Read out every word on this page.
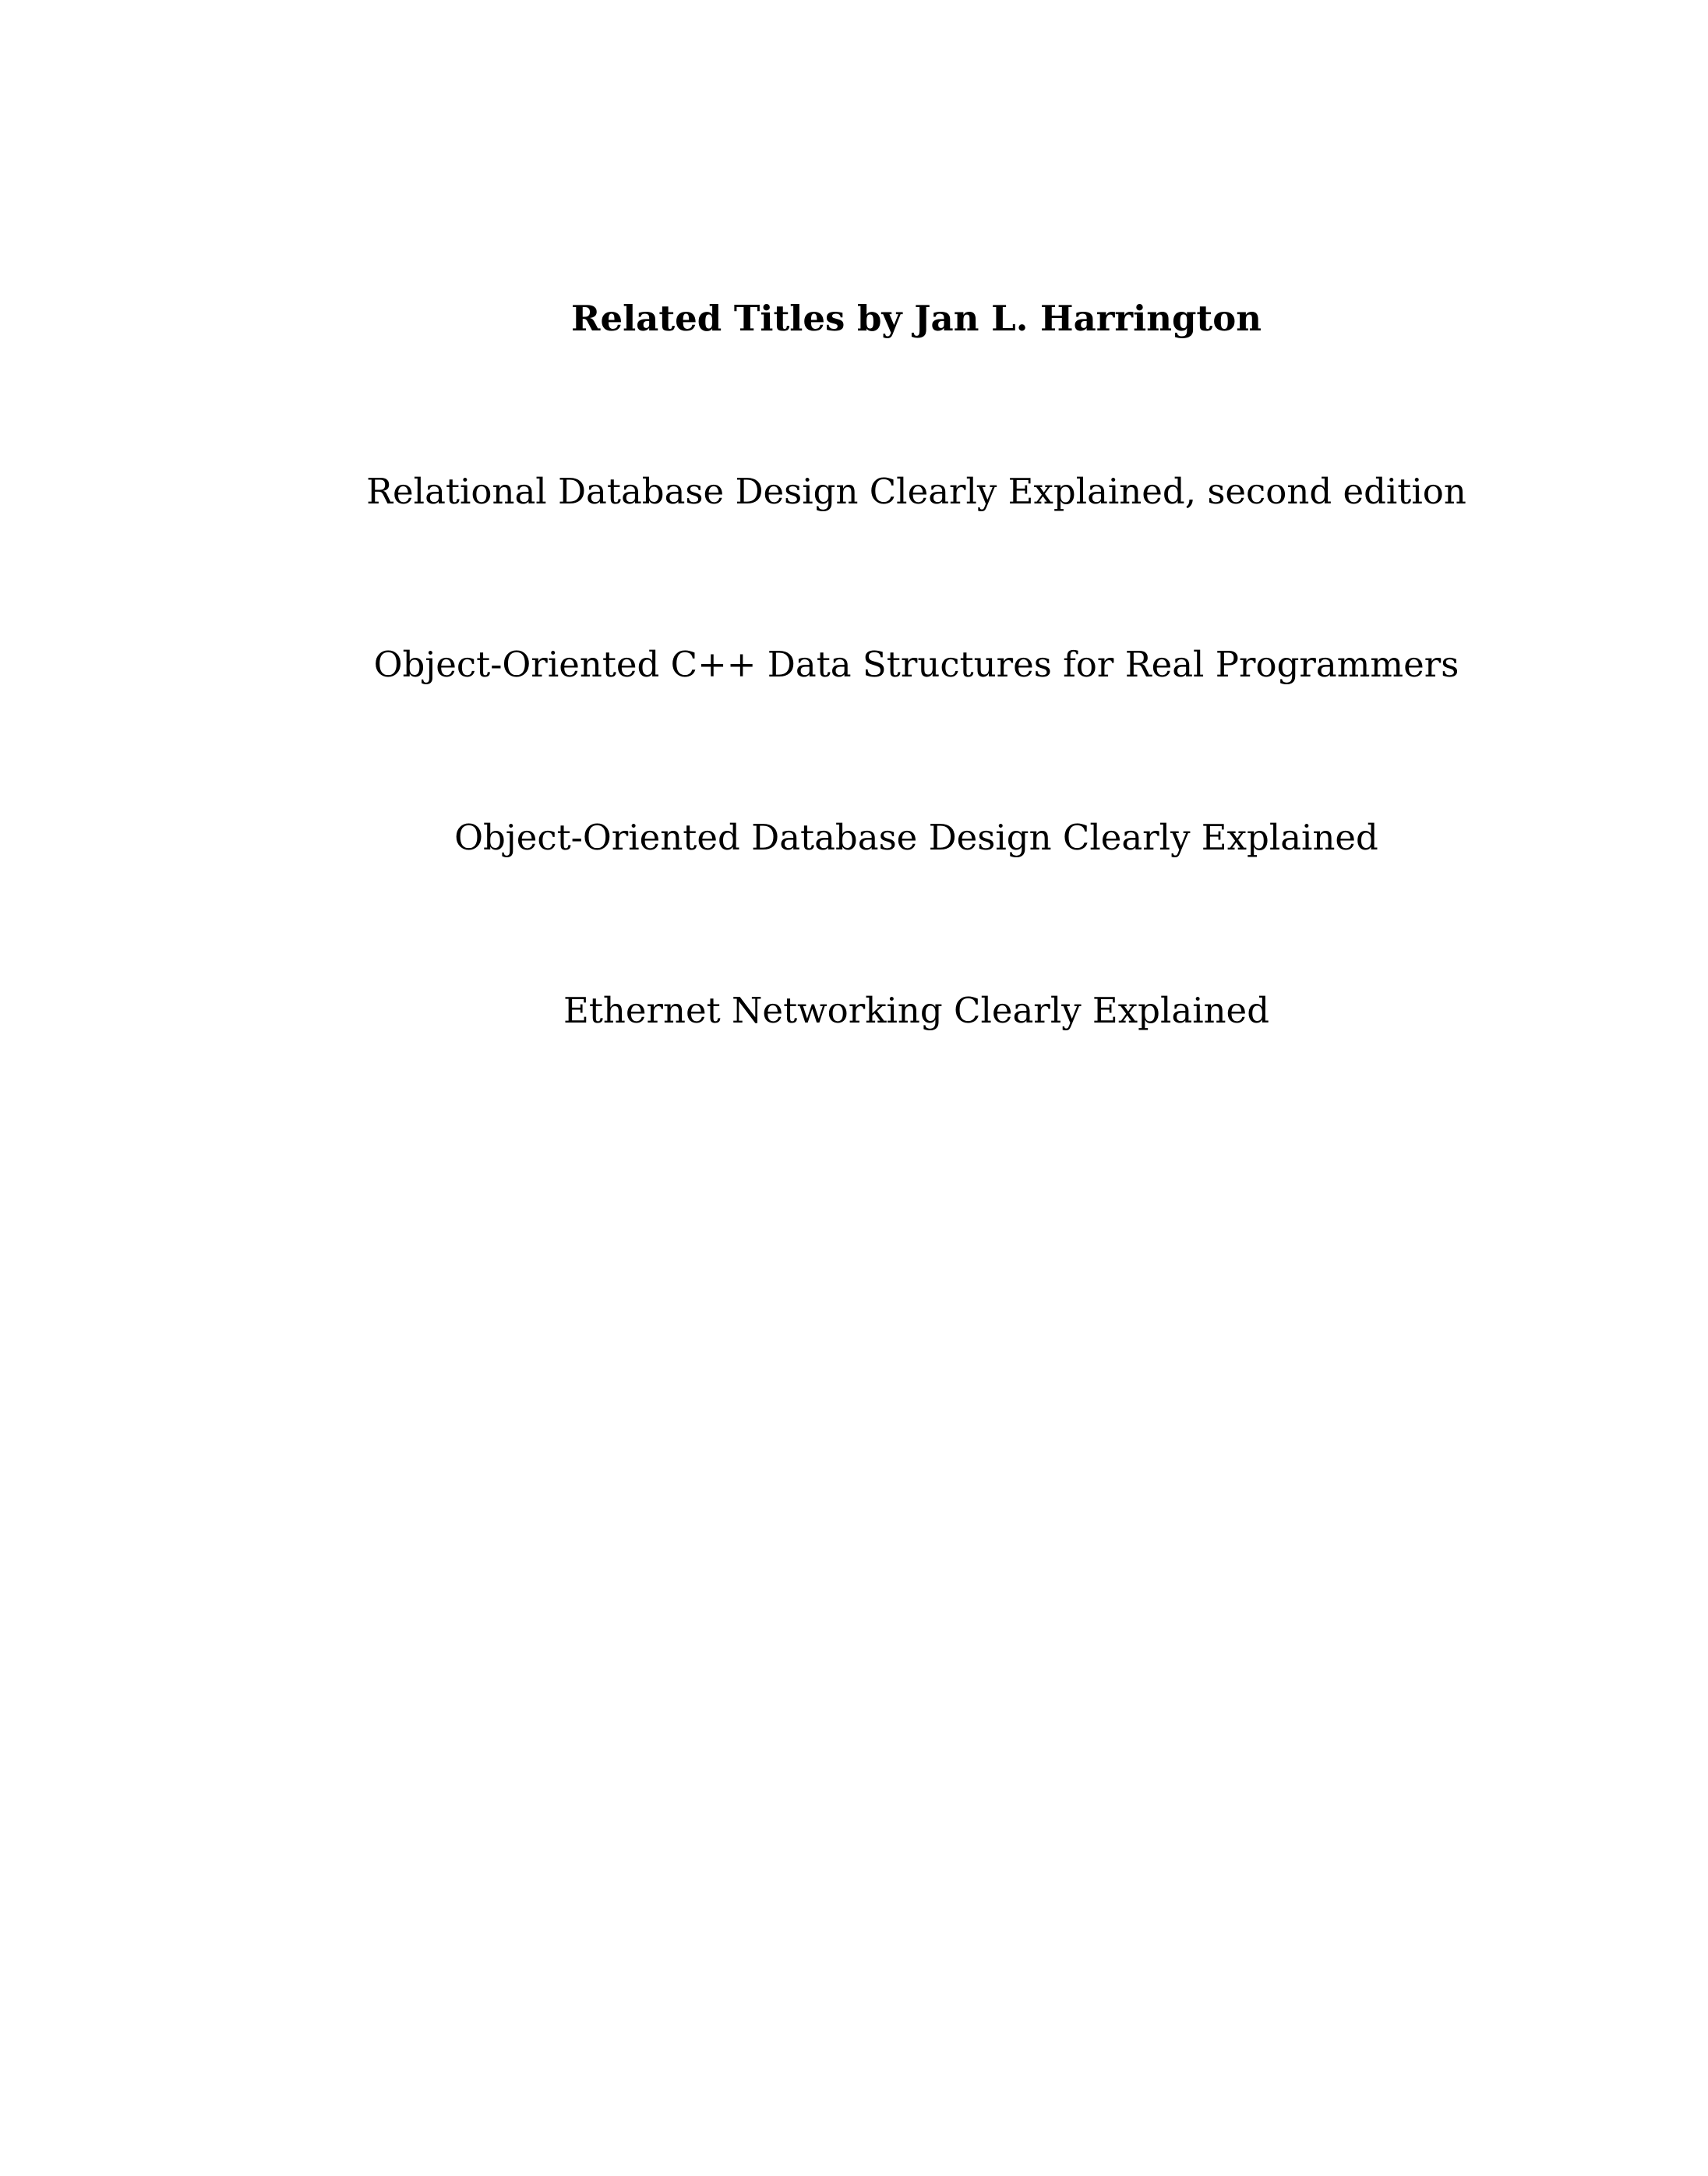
Related Titles by Jan L. Harrington
Relational Database Design Clearly Explained, second edition
Object-Oriented C++ Data Structures for Real Programmers
Object-Oriented Database Design Clearly Explained
Ethernet Networking Clearly Explained
